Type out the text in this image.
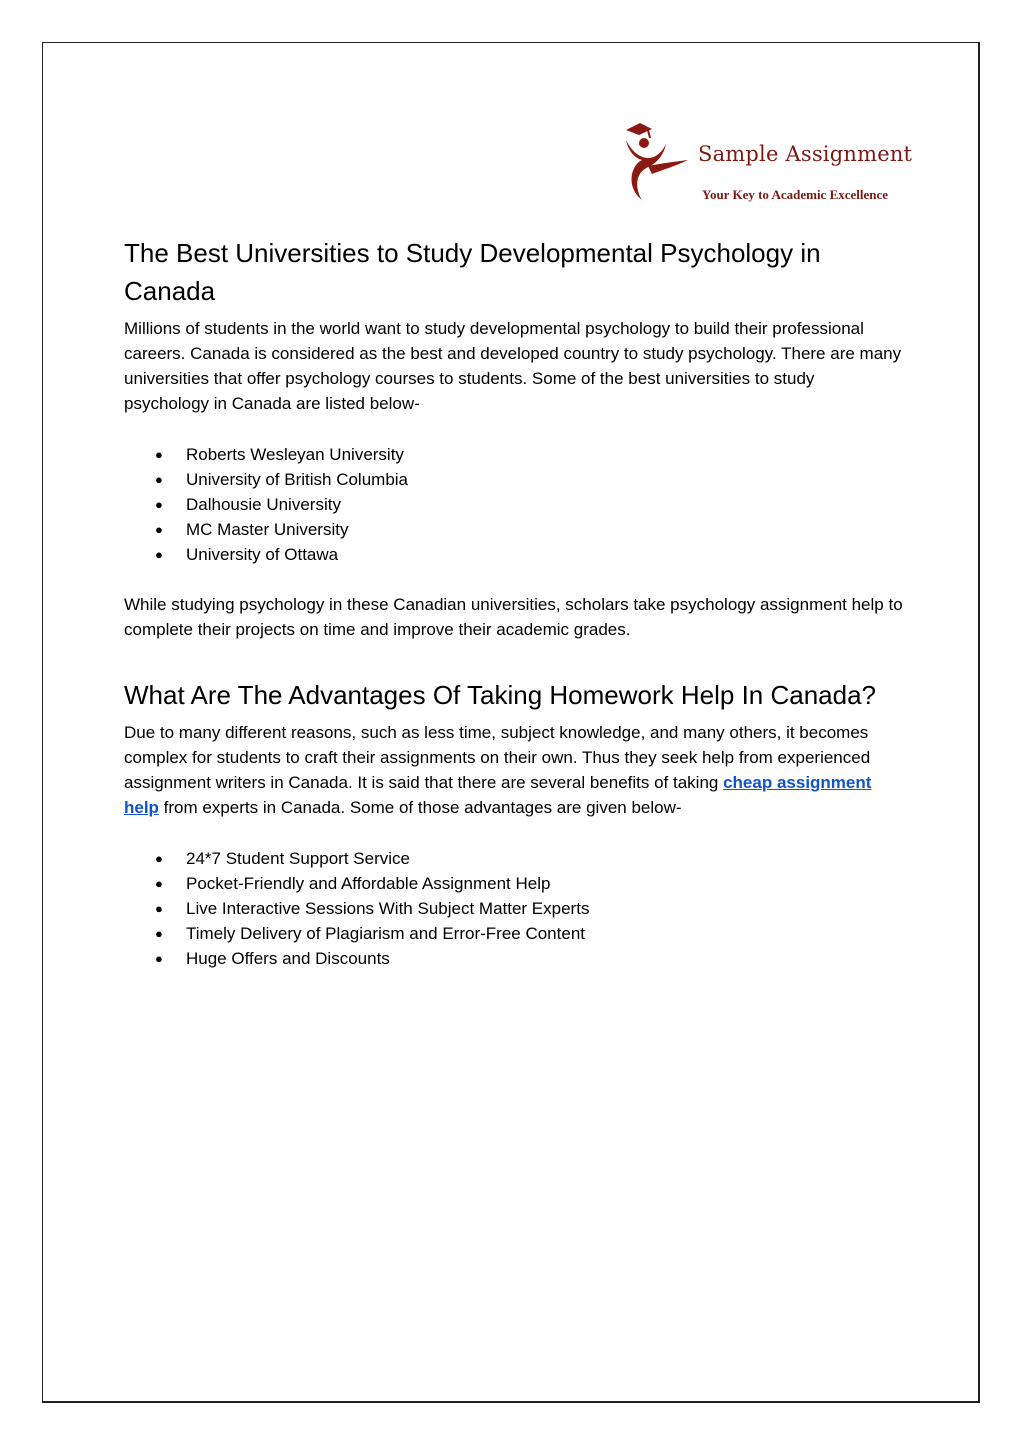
Sample Assignment
Your Key to Academic Excellence
The Best Universities to Study Developmental Psychology in Canada

Millions of students in the world want to study developmental psychology to build their professional careers. Canada is considered as the best and developed country to study psychology. There are many universities that offer psychology courses to students. Some of the best universities to study psychology in Canada are listed below-

● Roberts Wesleyan University
● University of British Columbia
● Dalhousie University
● MC Master University
● University of Ottawa

While studying psychology in these Canadian universities, scholars take psychology assignment help to complete their projects on time and improve their academic grades.

What Are The Advantages Of Taking Homework Help In Canada?

Due to many different reasons, such as less time, subject knowledge, and many others, it becomes complex for students to craft their assignments on their own. Thus they seek help from experienced assignment writers in Canada. It is said that there are several benefits of taking cheap assignment help from experts in Canada. Some of those advantages are given below-

● 24*7 Student Support Service
● Pocket-Friendly and Affordable Assignment Help
● Live Interactive Sessions With Subject Matter Experts
● Timely Delivery of Plagiarism and Error-Free Content
● Huge Offers and Discounts
